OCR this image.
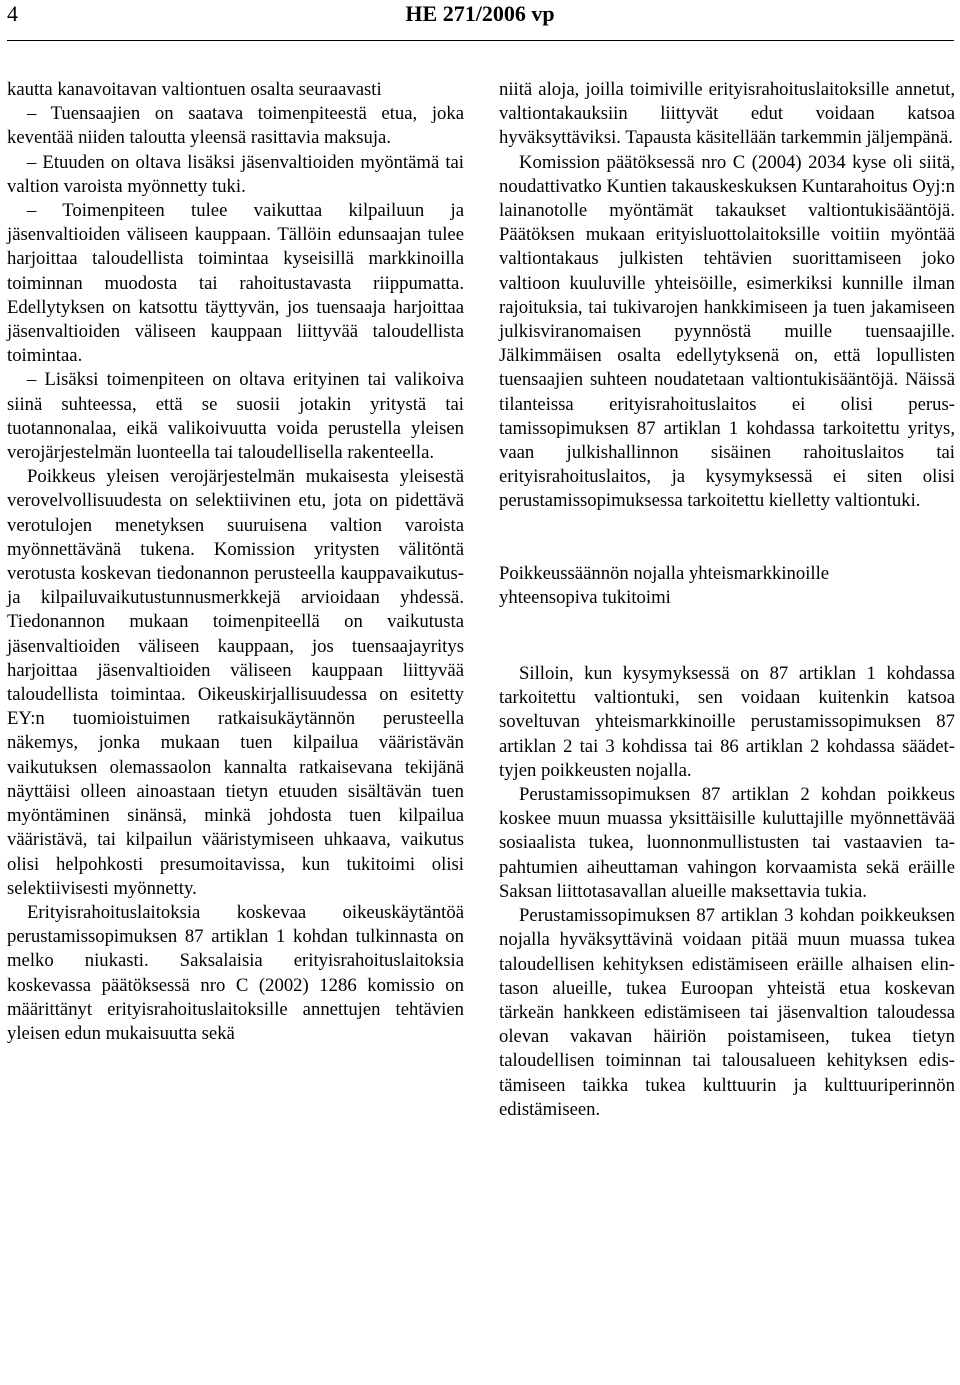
4	HE 271/2006 vp

kautta kanavoitavan valtiontuen osalta seuraavasti

– Tuensaajien on saatava toimenpiteestä etua, joka keventää niiden taloutta yleensä rasittavia maksuja.

– Etuuden on oltava lisäksi jäsenvaltioiden myöntämä tai valtion varoista myönnetty tuki.

– Toimenpiteen tulee vaikuttaa kilpailuun ja jäsenvaltioiden väliseen kauppaan. Tällöin edunsaajan tulee harjoittaa taloudellista toimintaa kyseisillä markkinoilla toiminnan muodosta tai rahoitustavasta riippumatta. Edellytyksen on katsottu täyttyvän, jos tuensaaja harjoittaa jäsenvaltioiden väliseen kauppaan liittyvää taloudellista toimintaa.

– Lisäksi toimenpiteen on oltava erityinen tai valikoiva siinä suhteessa, että se suosii jotakin yritystä tai tuotannonalaa, eikä valikoivuutta voida perustella yleisen verojärjestelmän luonteella tai taloudellisella rakenteella.

Poikkeus yleisen verojärjestelmän mukaisesta yleisestä verovelvollisuudesta on selektiivinen etu, jota on pidettävä verotulojen menetyksen suuruisena valtion varoista myönnettävänä tukena. Komission yritysten välitöntä verotusta koskevan tiedonannon perusteella kauppavaikutus- ja kilpailuvaikutustunnusmerkkejä arvioidaan yhdessä. Tiedonannon mukaan toimenpiteellä on vaikutusta jäsenvaltioiden väliseen kauppaan, jos tuensaajayritys harjoittaa jäsenvaltioiden väliseen kauppaan liittyvää taloudellista toimintaa. Oikeuskirjallisuudessa on esitetty EY:n tuomioistuimen ratkaisukäytännön perusteella näkemys, jonka mukaan tuen kilpailua vääristävän vaikutuksen olemassaolon kannalta ratkaisevana tekijänä näyttäisi olleen ainoastaan tietyn etuuden sisältävän tuen myöntäminen sinänsä, minkä johdosta tuen kilpailua vääristävä, tai kilpailun vääristymiseen uhkaava, vaikutus olisi helpohkosti presumoitavissa, kun tukitoimi olisi selektiivisesti myönnetty.

Erityisrahoituslaitoksia koskevaa oikeuskäytäntöä perustamissopimuksen 87 artiklan 1 kohdan tulkinnasta on melko niukasti. Saksalaisia erityisrahoituslaitoksia koskevassa päätöksessä nro C (2002) 1286 komissio on määrittänyt erityisrahoituslaitoksille annettujen tehtävien yleisen edun mukaisuutta sekä

niitä aloja, joilla toimiville erityisrahoituslaitoksille annetut, valtiontakauksiin liittyvät edut voidaan katsoa hyväksyttäviksi. Tapausta käsitellään tarkemmin jäljempänä.

Komission päätöksessä nro C (2004) 2034 kyse oli siitä, noudattivatko Kuntien takauskeskuksen Kuntarahoitus Oyj:n lainanotolle myöntämät takaukset valtiontukisääntöjä. Päätöksen mukaan erityisluottolaitoksille voitiin myöntää valtiontakaus julkisten tehtävien suorittamiseen joko valtioon kuuluville yhteisöille, esimerkiksi kunnille ilman rajoituksia, tai tukivarojen hankkimiseen ja tuen jakamiseen julkisviranomaisen pyynnöstä muille tuensaajille. Jälkimmäisen osalta edellytyksenä on, että lopullisten tuensaajien suhteen noudatetaan valtiontukisääntöjä. Näissä tilanteissa erityisrahoituslaitos ei olisi perustamissopimuksen 87 artiklan 1 kohdassa tarkoitettu yritys, vaan julkishallinnon sisäinen rahoituslaitos tai erityisrahoituslaitos, ja kysymyksessä ei siten olisi perustamissopimuksessa tarkoitettu kielletty valtiontuki.

Poikkeussäännön nojalla yhteismarkkinoille
yhteensopiva tukitoimi

Silloin, kun kysymyksessä on 87 artiklan 1 kohdassa tarkoitettu valtiontuki, sen voidaan kuitenkin katsoa soveltuvan yhteismarkkinoille perustamissopimuksen 87 artiklan 2 tai 3 kohdissa tai 86 artiklan 2 kohdassa säädettyjen poikkeusten nojalla.

Perustamissopimuksen 87 artiklan 2 kohdan poikkeus koskee muun muassa yksittäisille kuluttajille myönnettävää sosiaalista tukea, luonnonmullistusten tai vastaavien tapahtumien aiheuttaman vahingon korvaamista sekä eräille Saksan liittotasavallan alueille maksettavia tukia.

Perustamissopimuksen 87 artiklan 3 kohdan poikkeuksen nojalla hyväksyttävinä voidaan pitää muun muassa tukea taloudellisen kehityksen edistämiseen eräille alhaisen elintason alueille, tukea Euroopan yhteistä etua koskevan tärkeän hankkeen edistämiseen tai jäsenvaltion taloudessa olevan vakavan häiriön poistamiseen, tukea tietyn taloudellisen toiminnan tai talousalueen kehityksen edistämiseen taikka tukea kulttuurin ja kulttuuriperinnön edistämiseen.
